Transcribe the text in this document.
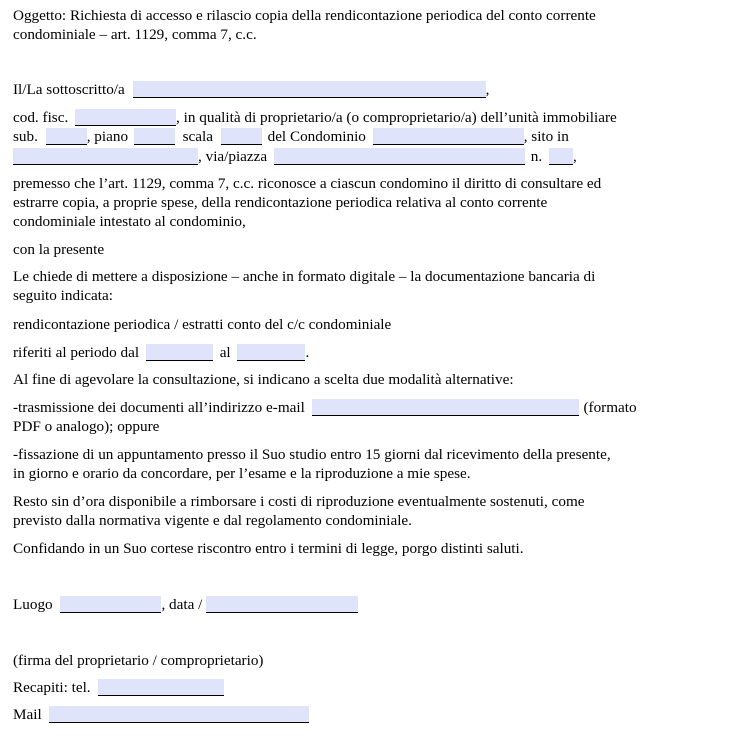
Oggetto: Richiesta di accesso e rilascio copia della rendicontazione periodica del conto corrente

condominiale – art. 1129, comma 7, c.c.

Il/La sottoscritto/a	,

cod. fisc.	, in qualità di proprietario/a (o comproprietario/a) dell’unità immobiliare

sub.	, piano	scala	del Condominio	, sito in

, via/piazza	n. ,

premesso che l’art. 1129, comma 7, c.c. riconosce a ciascun condomino il diritto di consultare ed

estrarre copia, a proprie spese, della rendicontazione periodica relativa al conto corrente

condominiale intestato al condominio,

con la presente

Le chiede di mettere a disposizione – anche in formato digitale – la documentazione bancaria di

seguito indicata:

rendicontazione periodica / estratti conto del c/c condominiale

riferiti al periodo dal	al	.

Al fine di agevolare la consultazione, si indicano a scelta due modalità alternative:

-trasmissione dei documenti all’indirizzo e-mail	(formato

PDF o analogo); oppure

-fissazione di un appuntamento presso il Suo studio entro 15 giorni dal ricevimento della presente,

in giorno e orario da concordare, per l’esame e la riproduzione a mie spese.

Resto sin d’ora disponibile a rimborsare i costi di riproduzione eventualmente sostenuti, come

previsto dalla normativa vigente e dal regolamento condominiale.

Confidando in un Suo cortese riscontro entro i termini di legge, porgo distinti saluti.

Luogo	, data /

(firma del proprietario / comproprietario)

Recapiti: tel.

Mail
